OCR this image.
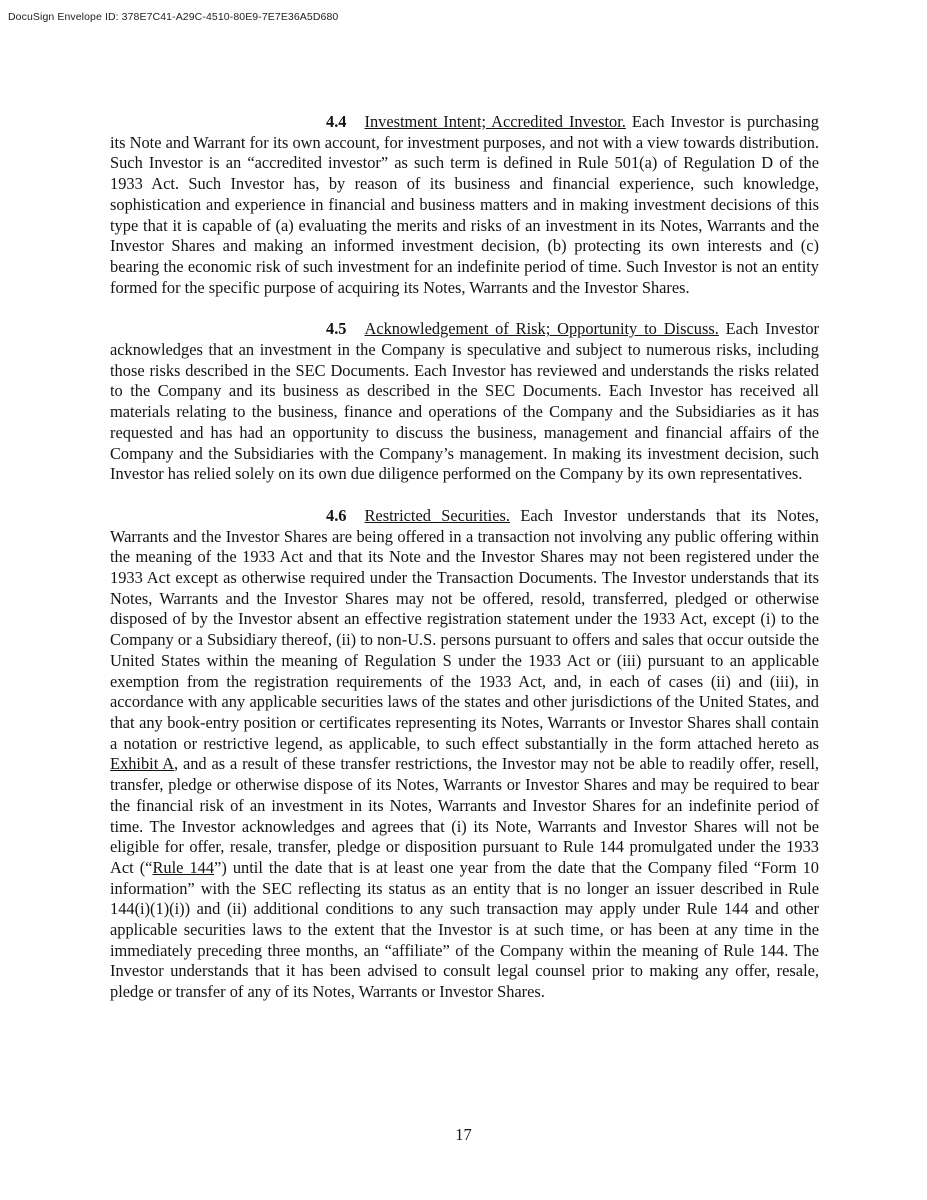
DocuSign Envelope ID: 378E7C41-A29C-4510-80E9-7E7E36A5D680

4.4 Investment Intent; Accredited Investor. Each Investor is purchasing its Note and Warrant for its own account, for investment purposes, and not with a view towards distribution. Such Investor is an “accredited investor” as such term is defined in Rule 501(a) of Regulation D of the 1933 Act. Such Investor has, by reason of its business and financial experience, such knowledge, sophistication and experience in financial and business matters and in making investment decisions of this type that it is capable of (a) evaluating the merits and risks of an investment in its Notes, Warrants and the Investor Shares and making an informed investment decision, (b) protecting its own interests and (c) bearing the economic risk of such investment for an indefinite period of time. Such Investor is not an entity formed for the specific purpose of acquiring its Notes, Warrants and the Investor Shares.

4.5 Acknowledgement of Risk; Opportunity to Discuss. Each Investor acknowledges that an investment in the Company is speculative and subject to numerous risks, including those risks described in the SEC Documents. Each Investor has reviewed and understands the risks related to the Company and its business as described in the SEC Documents. Each Investor has received all materials relating to the business, finance and operations of the Company and the Subsidiaries as it has requested and has had an opportunity to discuss the business, management and financial affairs of the Company and the Subsidiaries with the Company’s management. In making its investment decision, such Investor has relied solely on its own due diligence performed on the Company by its own representatives.

4.6 Restricted Securities. Each Investor understands that its Notes, Warrants and the Investor Shares are being offered in a transaction not involving any public offering within the meaning of the 1933 Act and that its Note and the Investor Shares may not been registered under the 1933 Act except as otherwise required under the Transaction Documents. The Investor understands that its Notes, Warrants and the Investor Shares may not be offered, resold, transferred, pledged or otherwise disposed of by the Investor absent an effective registration statement under the 1933 Act, except (i) to the Company or a Subsidiary thereof, (ii) to non-U.S. persons pursuant to offers and sales that occur outside the United States within the meaning of Regulation S under the 1933 Act or (iii) pursuant to an applicable exemption from the registration requirements of the 1933 Act, and, in each of cases (ii) and (iii), in accordance with any applicable securities laws of the states and other jurisdictions of the United States, and that any book-entry position or certificates representing its Notes, Warrants or Investor Shares shall contain a notation or restrictive legend, as applicable, to such effect substantially in the form attached hereto as Exhibit A, and as a result of these transfer restrictions, the Investor may not be able to readily offer, resell, transfer, pledge or otherwise dispose of its Notes, Warrants or Investor Shares and may be required to bear the financial risk of an investment in its Notes, Warrants and Investor Shares for an indefinite period of time. The Investor acknowledges and agrees that (i) its Note, Warrants and Investor Shares will not be eligible for offer, resale, transfer, pledge or disposition pursuant to Rule 144 promulgated under the 1933 Act (“Rule 144”) until the date that is at least one year from the date that the Company filed “Form 10 information” with the SEC reflecting its status as an entity that is no longer an issuer described in Rule 144(i)(1)(i)) and (ii) additional conditions to any such transaction may apply under Rule 144 and other applicable securities laws to the extent that the Investor is at such time, or has been at any time in the immediately preceding three months, an “affiliate” of the Company within the meaning of Rule 144. The Investor understands that it has been advised to consult legal counsel prior to making any offer, resale, pledge or transfer of any of its Notes, Warrants or Investor Shares.

17
